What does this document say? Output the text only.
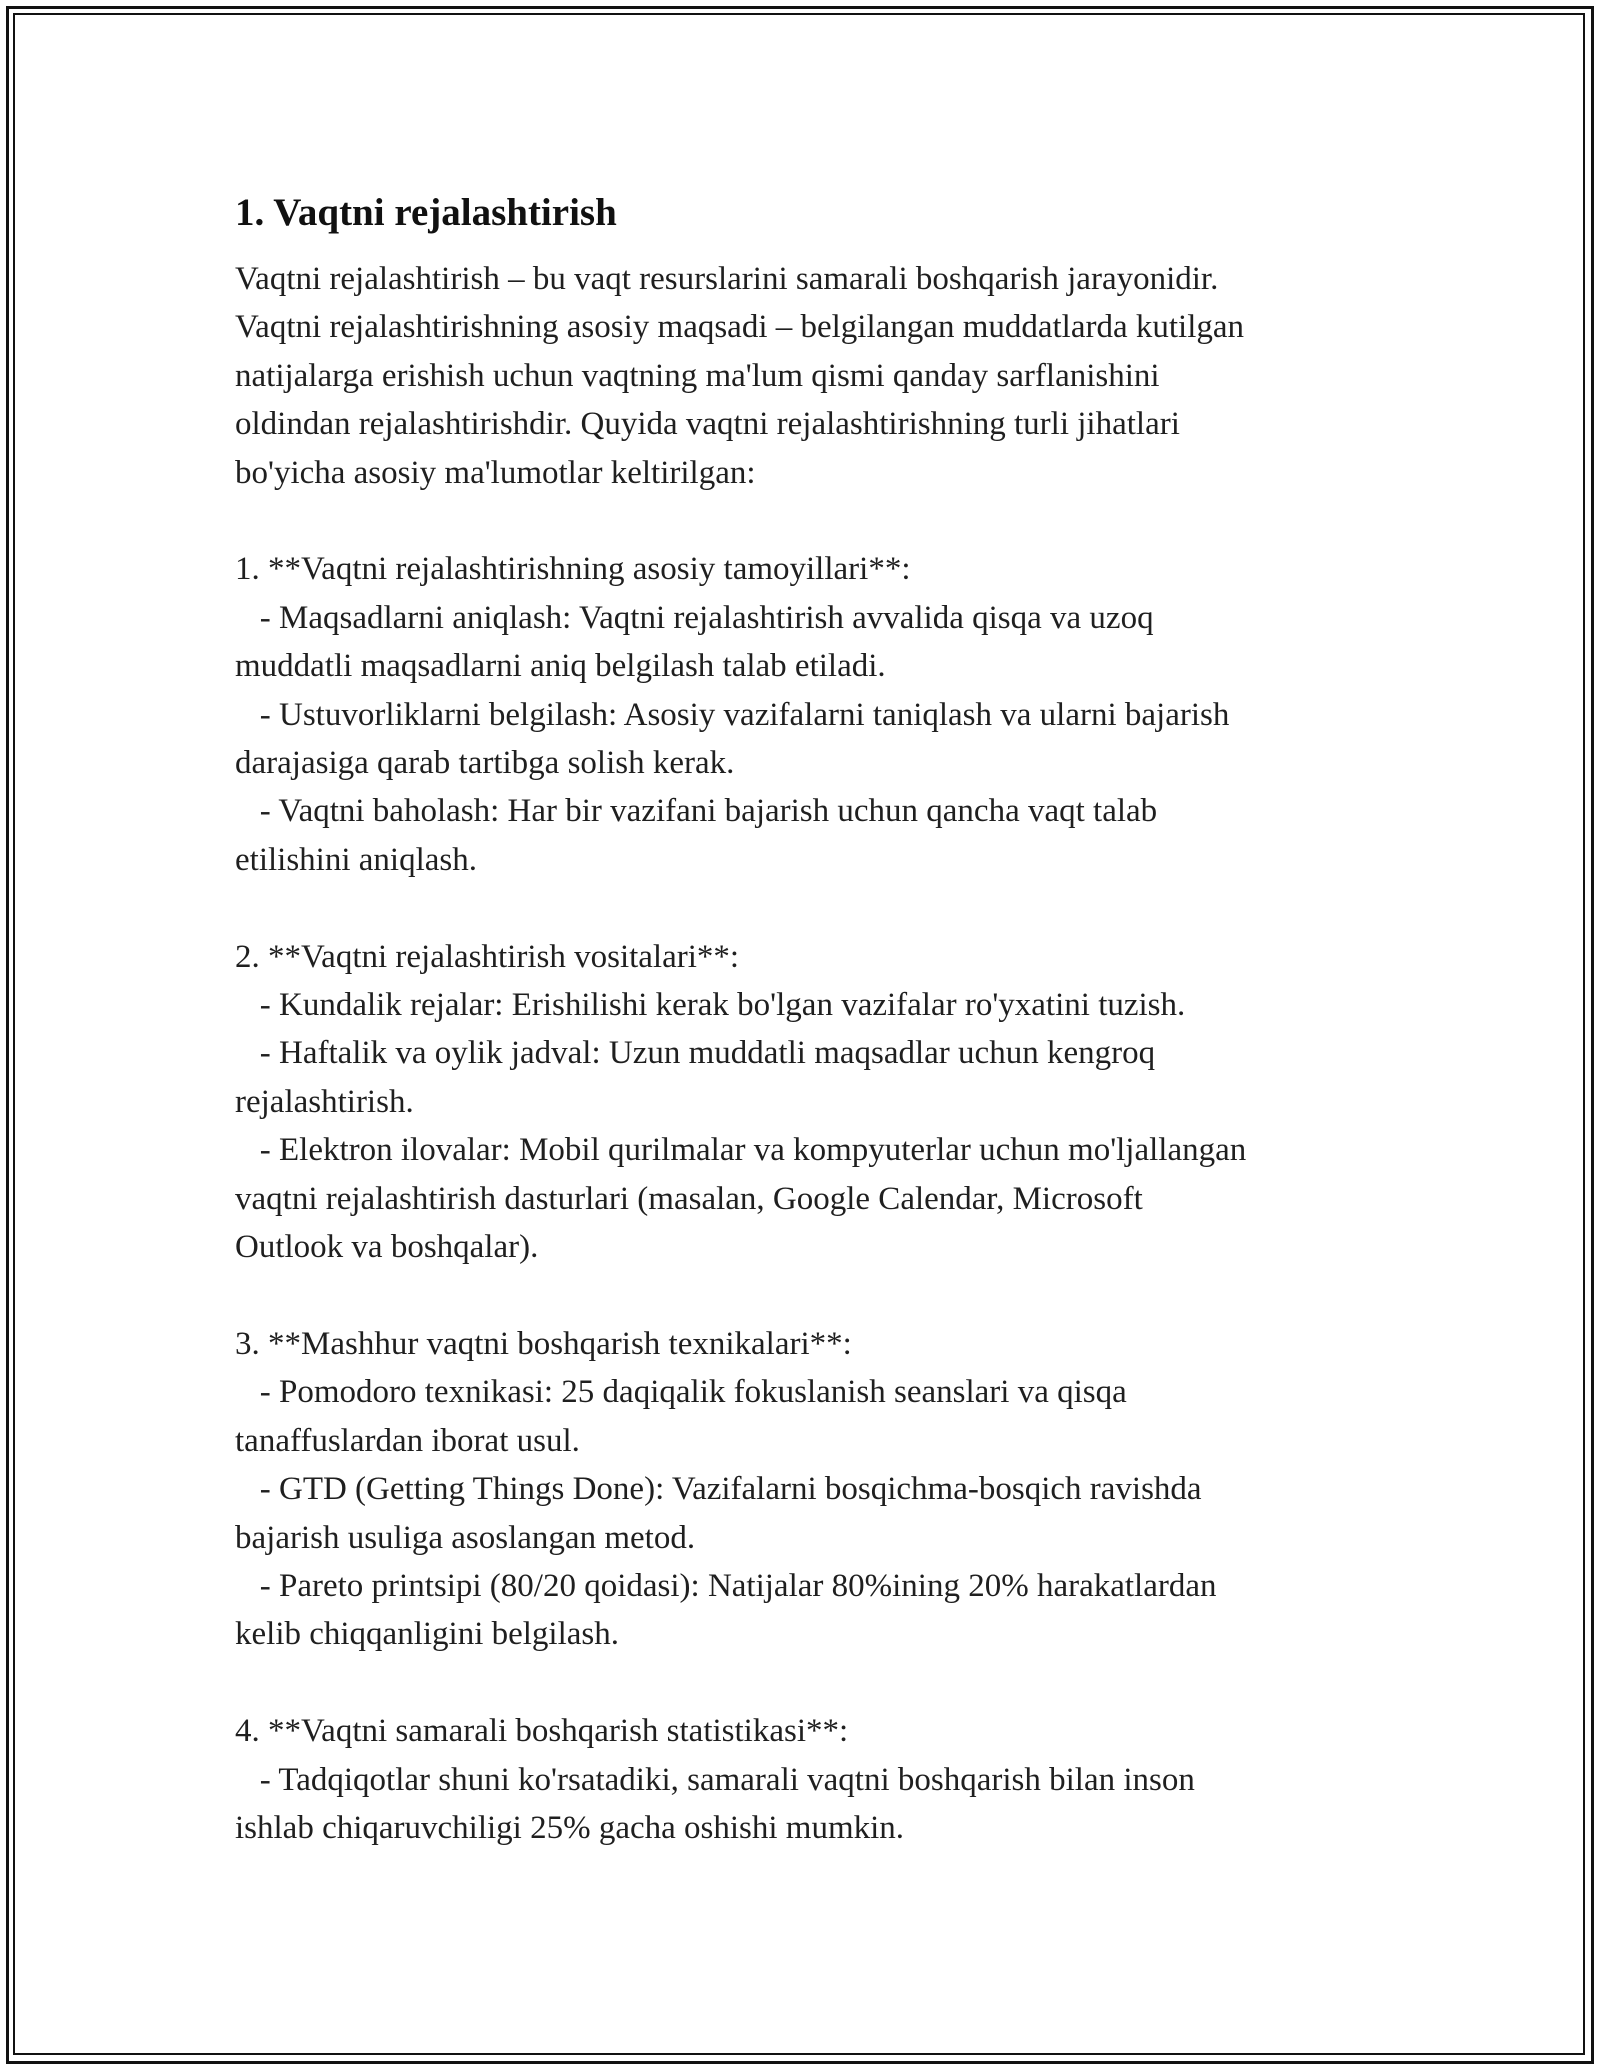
1. Vaqtni rejalashtirish

Vaqtni rejalashtirish – bu vaqt resurslarini samarali boshqarish jarayonidir.
Vaqtni rejalashtirishning asosiy maqsadi – belgilangan muddatlarda kutilgan
natijalarga erishish uchun vaqtning ma'lum qismi qanday sarflanishini
oldindan rejalashtirishdir. Quyida vaqtni rejalashtirishning turli jihatlari
bo'yicha asosiy ma'lumotlar keltirilgan:

1. **Vaqtni rejalashtirishning asosiy tamoyillari**:
- Maqsadlarni aniqlash: Vaqtni rejalashtirish avvalida qisqa va uzoq
muddatli maqsadlarni aniq belgilash talab etiladi.
- Ustuvorliklarni belgilash: Asosiy vazifalarni taniqlash va ularni bajarish
darajasiga qarab tartibga solish kerak.
- Vaqtni baholash: Har bir vazifani bajarish uchun qancha vaqt talab
etilishini aniqlash.

2. **Vaqtni rejalashtirish vositalari**:
- Kundalik rejalar: Erishilishi kerak bo'lgan vazifalar ro'yxatini tuzish.
- Haftalik va oylik jadval: Uzun muddatli maqsadlar uchun kengroq
rejalashtirish.
- Elektron ilovalar: Mobil qurilmalar va kompyuterlar uchun mo'ljallangan
vaqtni rejalashtirish dasturlari (masalan, Google Calendar, Microsoft
Outlook va boshqalar).

3. **Mashhur vaqtni boshqarish texnikalari**:
- Pomodoro texnikasi: 25 daqiqalik fokuslanish seanslari va qisqa
tanaffuslardan iborat usul.
- GTD (Getting Things Done): Vazifalarni bosqichma-bosqich ravishda
bajarish usuliga asoslangan metod.
- Pareto printsipi (80/20 qoidasi): Natijalar 80%ining 20% harakatlardan
kelib chiqqanligini belgilash.

4. **Vaqtni samarali boshqarish statistikasi**:
- Tadqiqotlar shuni ko'rsatadiki, samarali vaqtni boshqarish bilan inson
ishlab chiqaruvchiligi 25% gacha oshishi mumkin.
